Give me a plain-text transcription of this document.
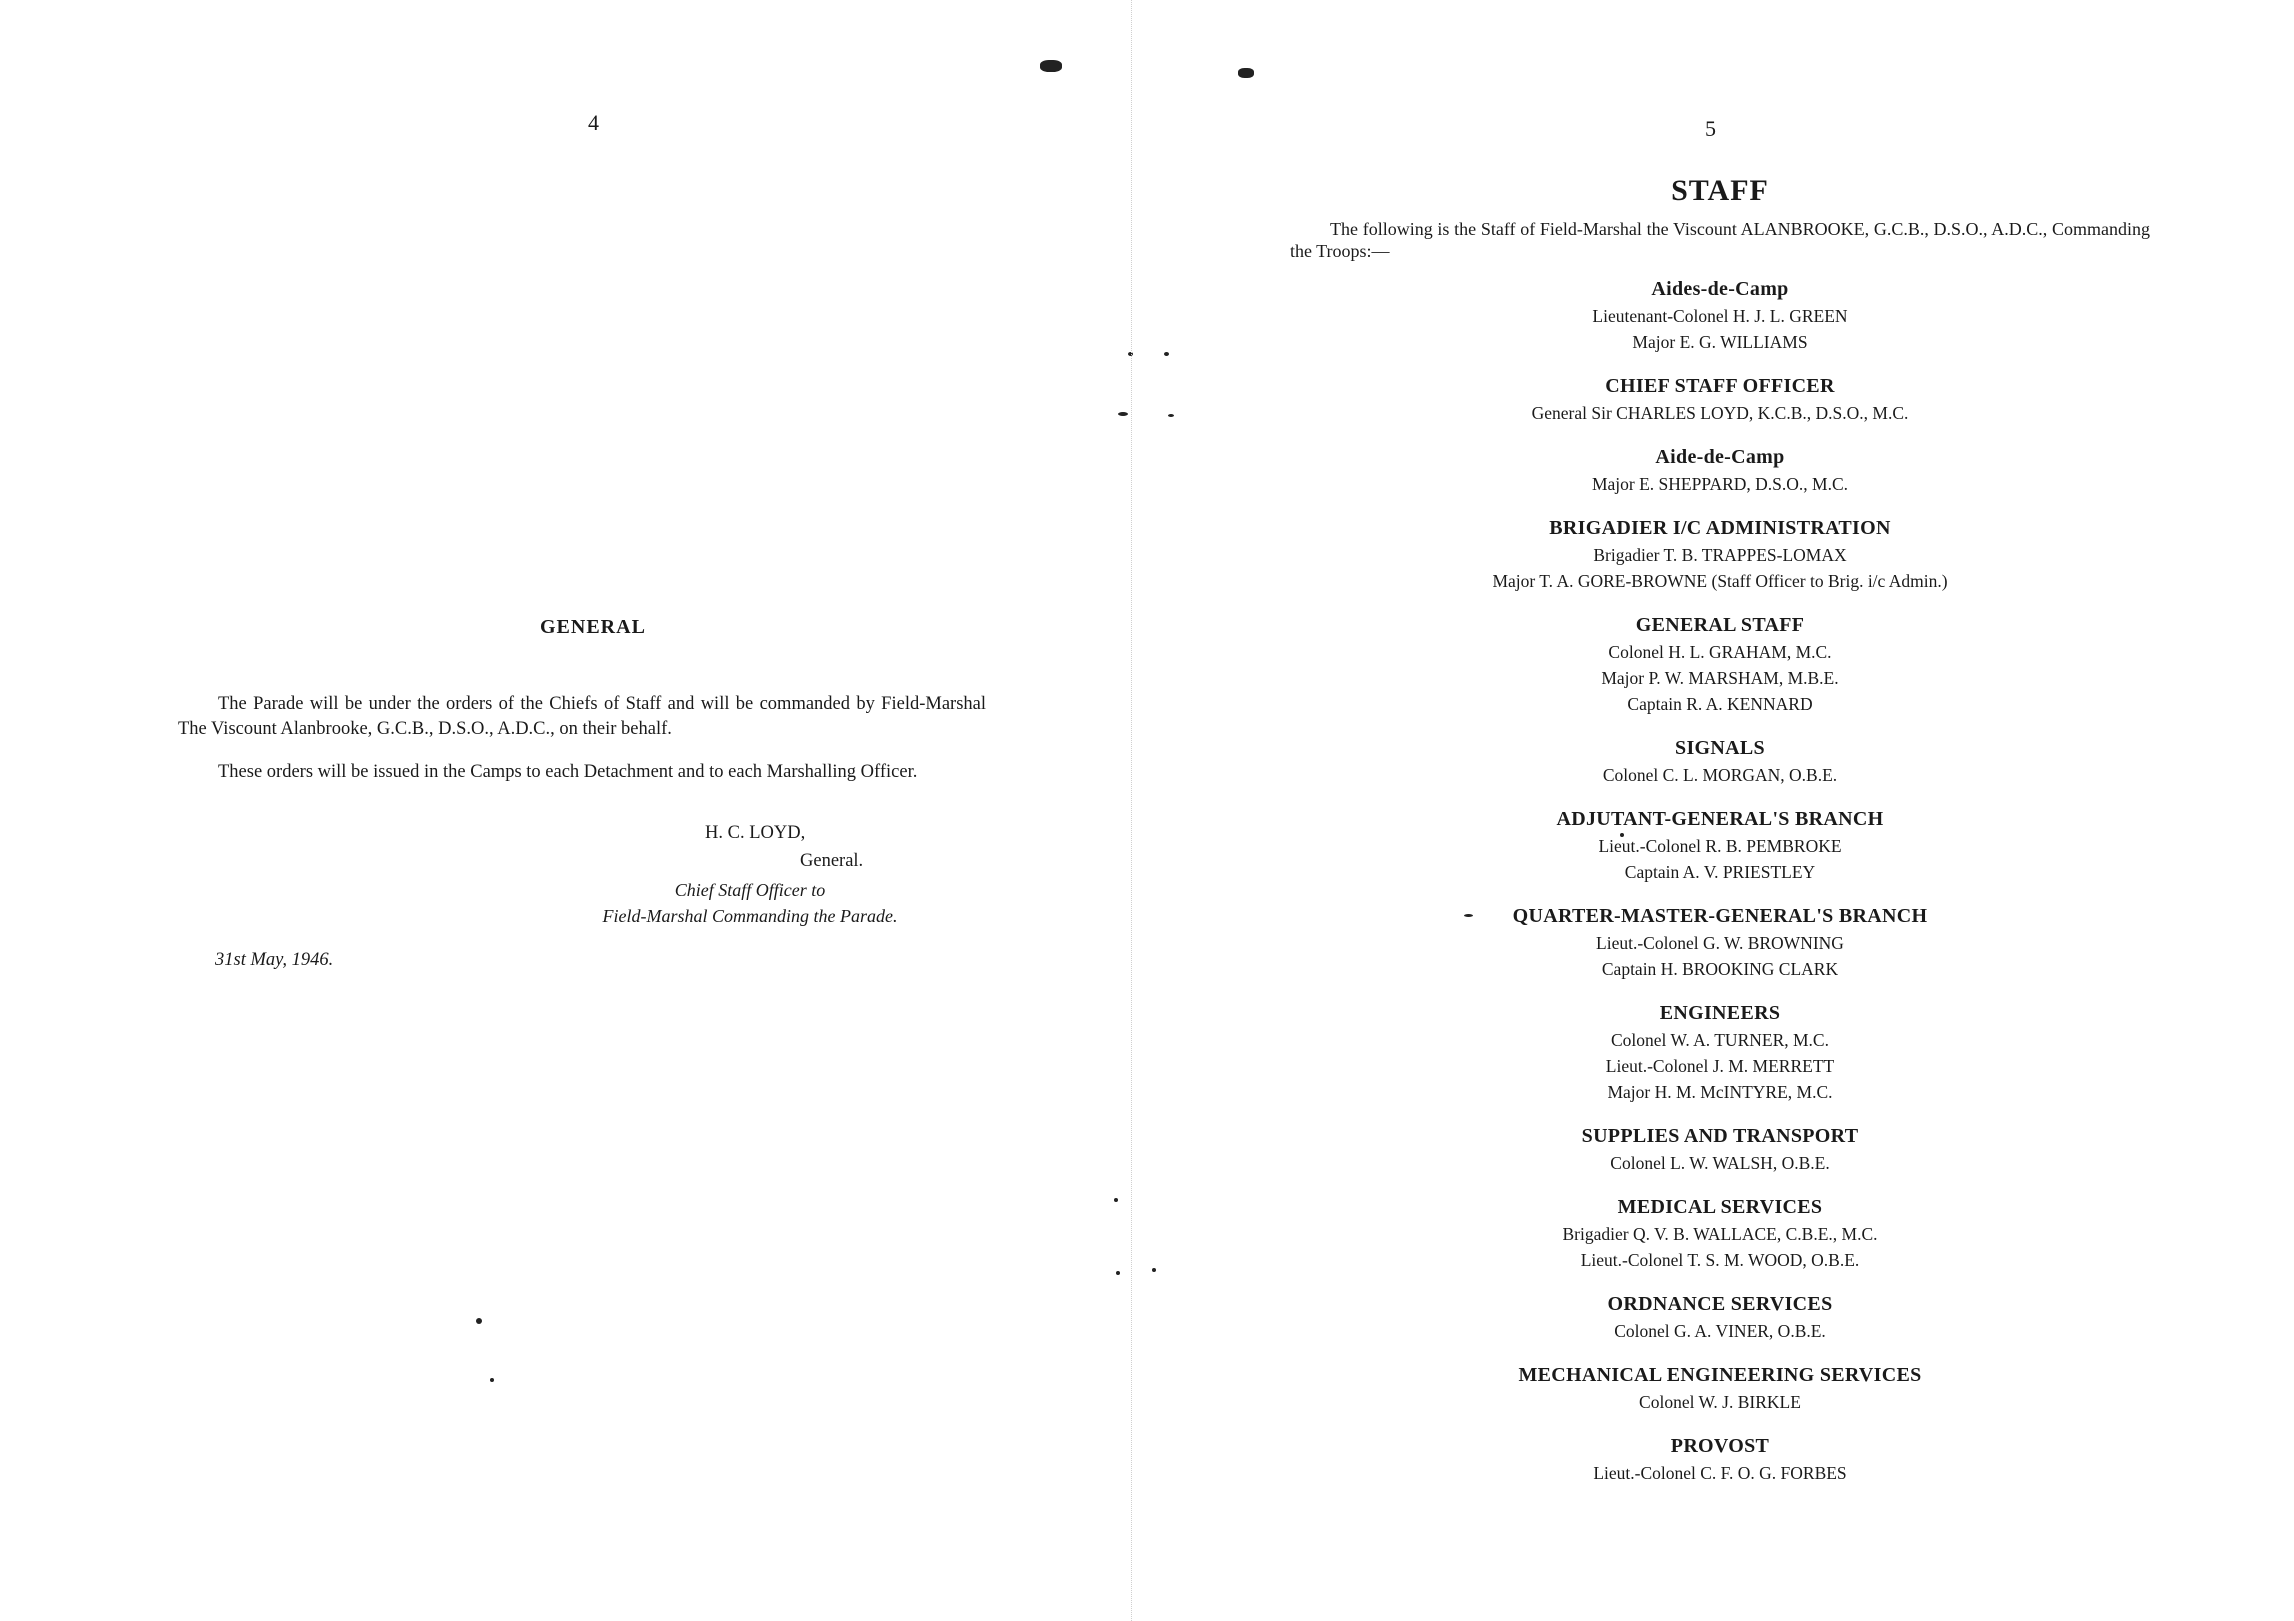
4
GENERAL

The Parade will be under the orders of the Chiefs of Staff and will be commanded by Field-Marshal The Viscount Alanbrooke, G.C.B., D.S.O., A.D.C., on their behalf.

These orders will be issued in the Camps to each Detachment and to each Marshalling Officer.

H. C. LOYD,
General.
Chief Staff Officer to
Field-Marshal Commanding the Parade.
31st May, 1946.
5
STAFF

The following is the Staff of Field-Marshal the Viscount ALANBROOKE, G.C.B., D.S.O., A.D.C., Commanding the Troops:—

Aides-de-Camp
Lieutenant-Colonel H. J. L. GREEN
Major E. G. WILLIAMS
CHIEF STAFF OFFICER
General Sir CHARLES LOYD, K.C.B., D.S.O., M.C.
Aide-de-Camp
Major E. SHEPPARD, D.S.O., M.C.
BRIGADIER I/C ADMINISTRATION
Brigadier T. B. TRAPPES-LOMAX
Major T. A. GORE-BROWNE (Staff Officer to Brig. i/c Admin.)
GENERAL STAFF
Colonel H. L. GRAHAM, M.C.
Major P. W. MARSHAM, M.B.E.
Captain R. A. KENNARD
SIGNALS
Colonel C. L. MORGAN, O.B.E.
ADJUTANT-GENERAL'S BRANCH
Lieut.-Colonel R. B. PEMBROKE
Captain A. V. PRIESTLEY
QUARTER-MASTER-GENERAL'S BRANCH
Lieut.-Colonel G. W. BROWNING
Captain H. BROOKING CLARK
ENGINEERS
Colonel W. A. TURNER, M.C.
Lieut.-Colonel J. M. MERRETT
Major H. M. McINTYRE, M.C.
SUPPLIES AND TRANSPORT
Colonel L. W. WALSH, O.B.E.
MEDICAL SERVICES
Brigadier Q. V. B. WALLACE, C.B.E., M.C.
Lieut.-Colonel T. S. M. WOOD, O.B.E.
ORDNANCE SERVICES
Colonel G. A. VINER, O.B.E.
MECHANICAL ENGINEERING SERVICES
Colonel W. J. BIRKLE
PROVOST
Lieut.-Colonel C. F. O. G. FORBES
